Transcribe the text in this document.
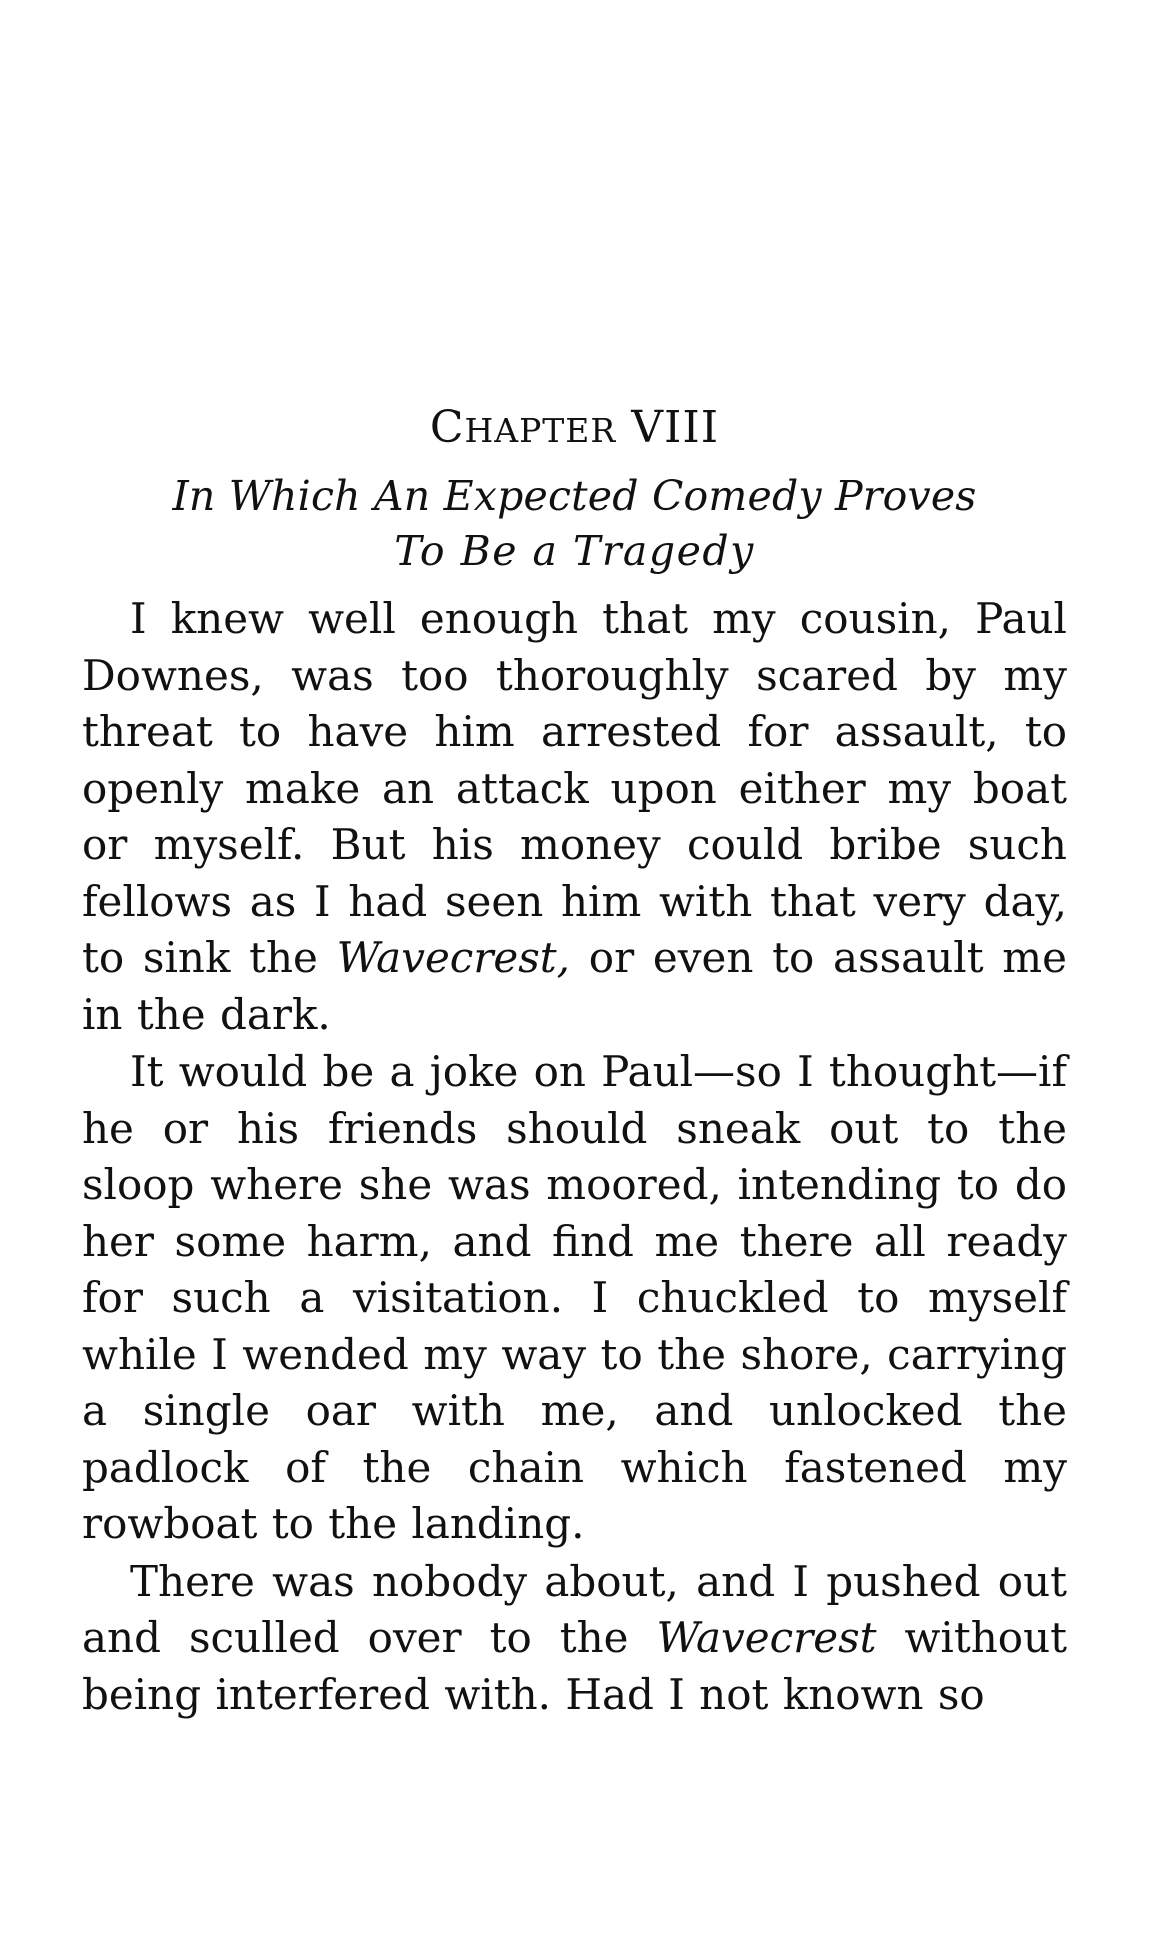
CHAPTER VIII
In Which An Expected Comedy Proves
To Be a Tragedy

I knew well enough that my cousin, Paul Downes, was too thoroughly scared by my threat to have him arrested for assault, to openly make an attack upon either my boat or myself. But his money could bribe such fellows as I had seen him with that very day, to sink the Wavecrest, or even to assault me in the dark.

It would be a joke on Paul—so I thought—if he or his friends should sneak out to the sloop where she was moored, intending to do her some harm, and find me there all ready for such a visitation. I chuckled to myself while I wended my way to the shore, carrying a single oar with me, and unlocked the padlock of the chain which fastened my rowboat to the landing.

There was nobody about, and I pushed out and sculled over to the Wavecrest without being interfered with. Had I not known so
